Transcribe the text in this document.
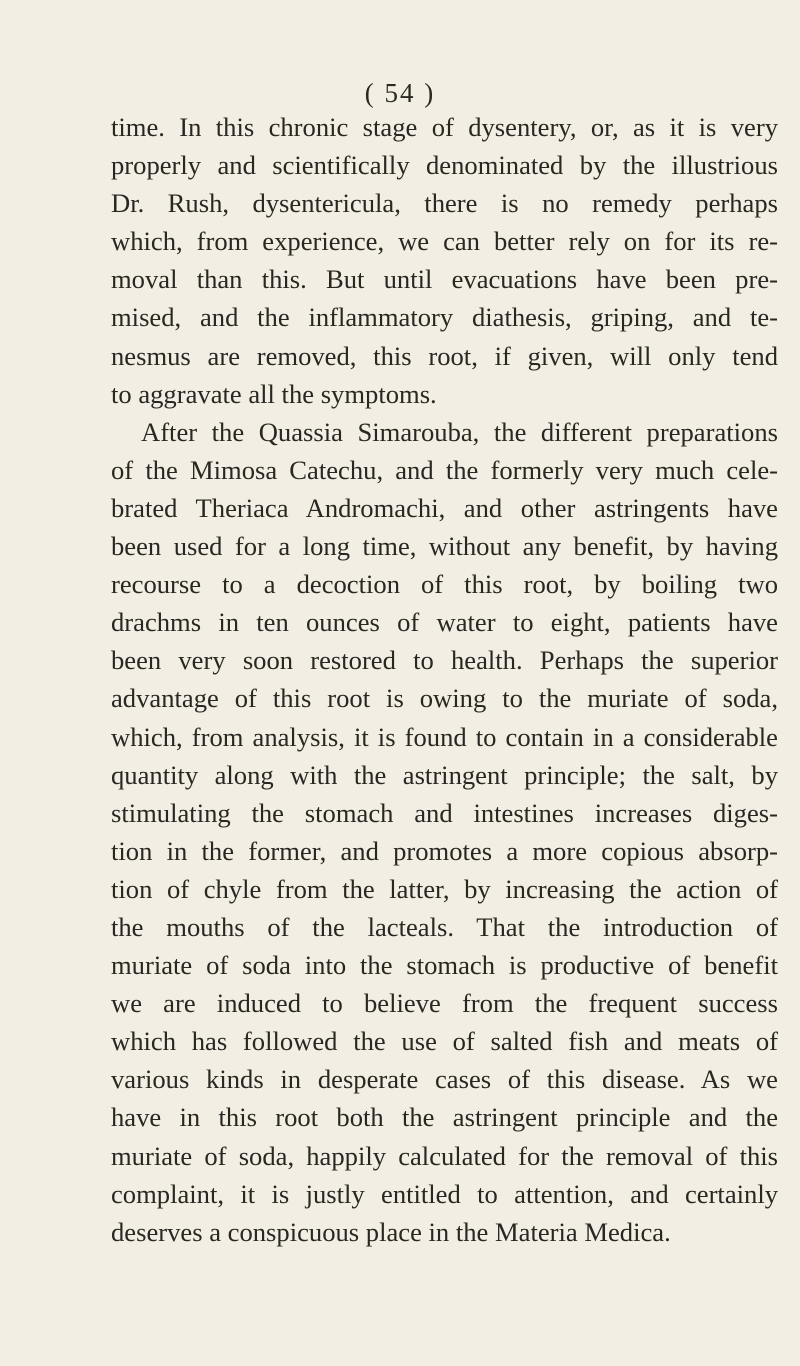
( 54 )
time. In this chronic stage of dysentery, or, as it is very
properly and scientifically denominated by the illustrious
Dr. Rush, dysentericula, there is no remedy perhaps
which, from experience, we can better rely on for its re-
moval than this. But until evacuations have been pre-
mised, and the inflammatory diathesis, griping, and te-
nesmus are removed, this root, if given, will only tend
to aggravate all the symptoms.
After the Quassia Simarouba, the different preparations
of the Mimosa Catechu, and the formerly very much cele-
brated Theriaca Andromachi, and other astringents have
been used for a long time, without any benefit, by having
recourse to a decoction of this root, by boiling two
drachms in ten ounces of water to eight, patients have
been very soon restored to health. Perhaps the superior
advantage of this root is owing to the muriate of soda,
which, from analysis, it is found to contain in a considerable
quantity along with the astringent principle; the salt, by
stimulating the stomach and intestines increases diges-
tion in the former, and promotes a more copious absorp-
tion of chyle from the latter, by increasing the action of
the mouths of the lacteals. That the introduction of
muriate of soda into the stomach is productive of benefit
we are induced to believe from the frequent success
which has followed the use of salted fish and meats of
various kinds in desperate cases of this disease. As we
have in this root both the astringent principle and the
muriate of soda, happily calculated for the removal of this
complaint, it is justly entitled to attention, and certainly
deserves a conspicuous place in the Materia Medica.
